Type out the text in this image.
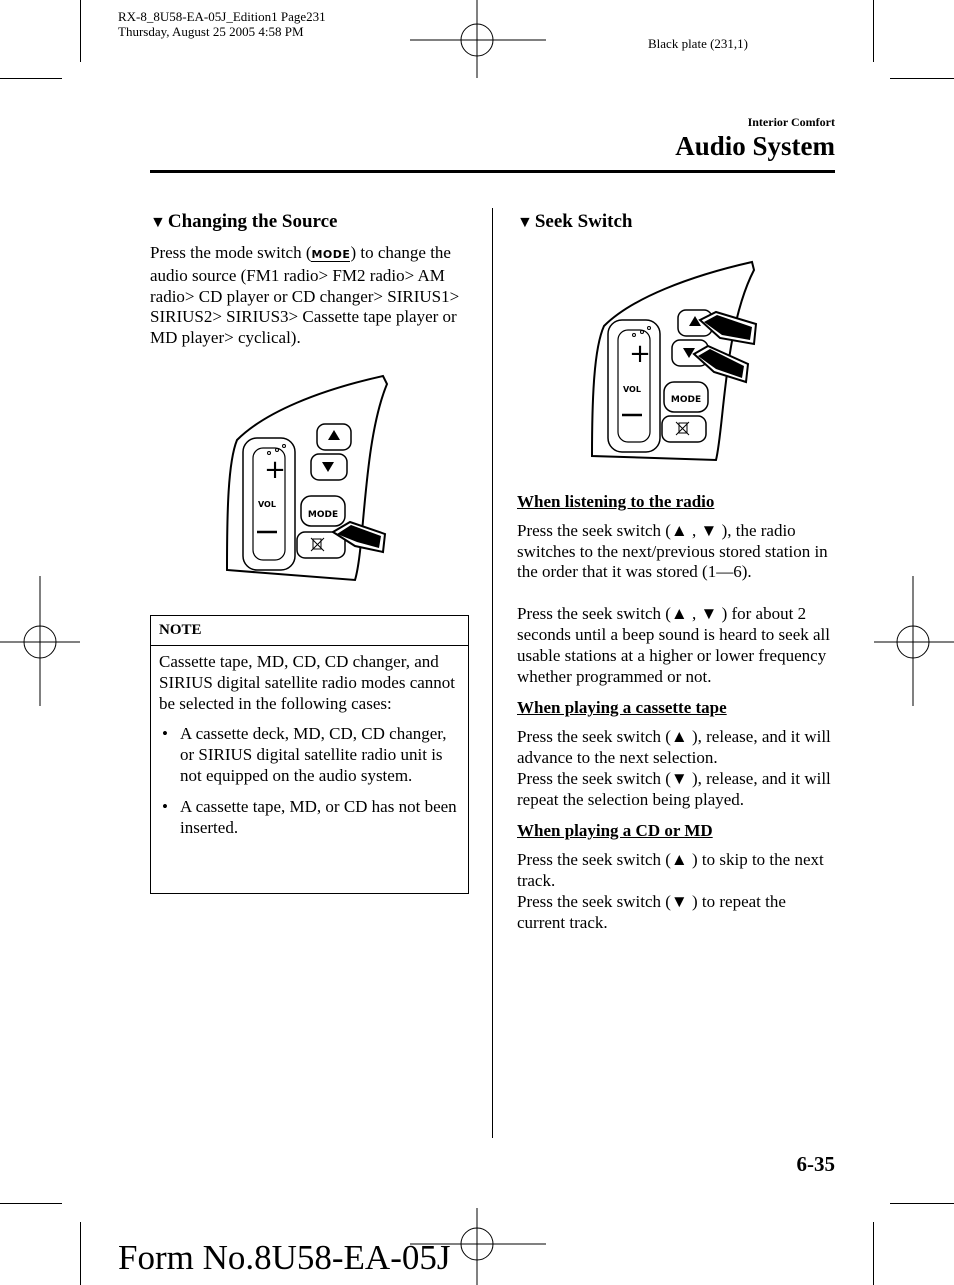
RX-8_8U58-EA-05J_Edition1 Page231
Thursday, August 25 2005 4:58 PM
Black plate (231,1)
Interior Comfort
Audio System
▼ Changing the Source
Press the mode switch (MODE) to change the audio source (FM1 radio> FM2 radio> AM radio> CD player or CD changer> SIRIUS1> SIRIUS2> SIRIUS3> Cassette tape player or MD player> cyclical).
+
VOL
MODE
NOTE
Cassette tape, MD, CD, CD changer, and SIRIUS digital satellite radio modes cannot be selected in the following cases:
• A cassette deck, MD, CD, CD changer, or SIRIUS digital satellite radio unit is not equipped on the audio system.
• A cassette tape, MD, or CD has not been inserted.
▼ Seek Switch
+
VOL
MODE
When listening to the radio
Press the seek switch (▲ , ▼ ), the radio switches to the next/previous stored station in the order that it was stored (1―6).
Press the seek switch (▲ , ▼ ) for about 2 seconds until a beep sound is heard to seek all usable stations at a higher or lower frequency whether programmed or not.
When playing a cassette tape
Press the seek switch (▲ ), release, and it will advance to the next selection.
Press the seek switch (▼ ), release, and it will repeat the selection being played.
When playing a CD or MD
Press the seek switch (▲ ) to skip to the next track.
Press the seek switch (▼ ) to repeat the current track.
6-35
Form No.8U58-EA-05J
